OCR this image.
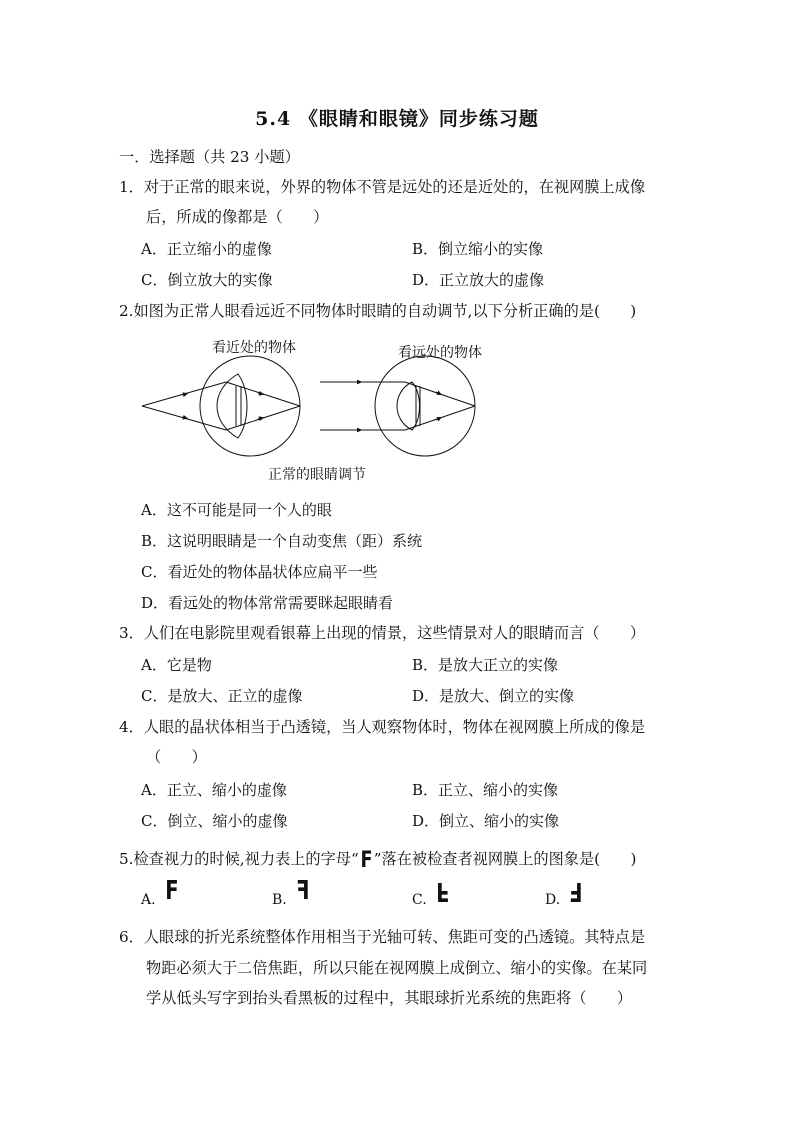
5.4 《眼睛和眼镜》同步练习题
一．选择题（共 23 小题）
1．对于正常的眼来说，外界的物体不管是远处的还是近处的，在视网膜上成像
后，所成的像都是（　　）
A．正立缩小的虚像	B．倒立缩小的实像
C．倒立放大的实像	D．正立放大的虚像
2.如图为正常人眼看远近不同物体时眼睛的自动调节,以下分析正确的是(　　)
看近处的物体	看远处的物体
正常的眼睛调节
A．这不可能是同一个人的眼
B．这说明眼睛是一个自动变焦（距）系统
C．看近处的物体晶状体应扁平一些
D．看远处的物体常常需要眯起眼睛看
3．人们在电影院里观看银幕上出现的情景，这些情景对人的眼睛而言（　　）
A．它是物	B．是放大正立的实像
C．是放大、正立的虚像	D．是放大、倒立的实像
4．人眼的晶状体相当于凸透镜，当人观察物体时，物体在视网膜上所成的像是
（　　）
A．正立、缩小的虚像	B．正立、缩小的实像
C．倒立、缩小的虚像	D．倒立、缩小的实像
5.检查视力的时候,视力表上的字母“F”落在被检查者视网膜上的图象是(　　)
A. F	B. F	C. F	D. F
6．人眼球的折光系统整体作用相当于光轴可转、焦距可变的凸透镜。其特点是
物距必须大于二倍焦距，所以只能在视网膜上成倒立、缩小的实像。在某同
学从低头写字到抬头看黑板的过程中，其眼球折光系统的焦距将（　　）
